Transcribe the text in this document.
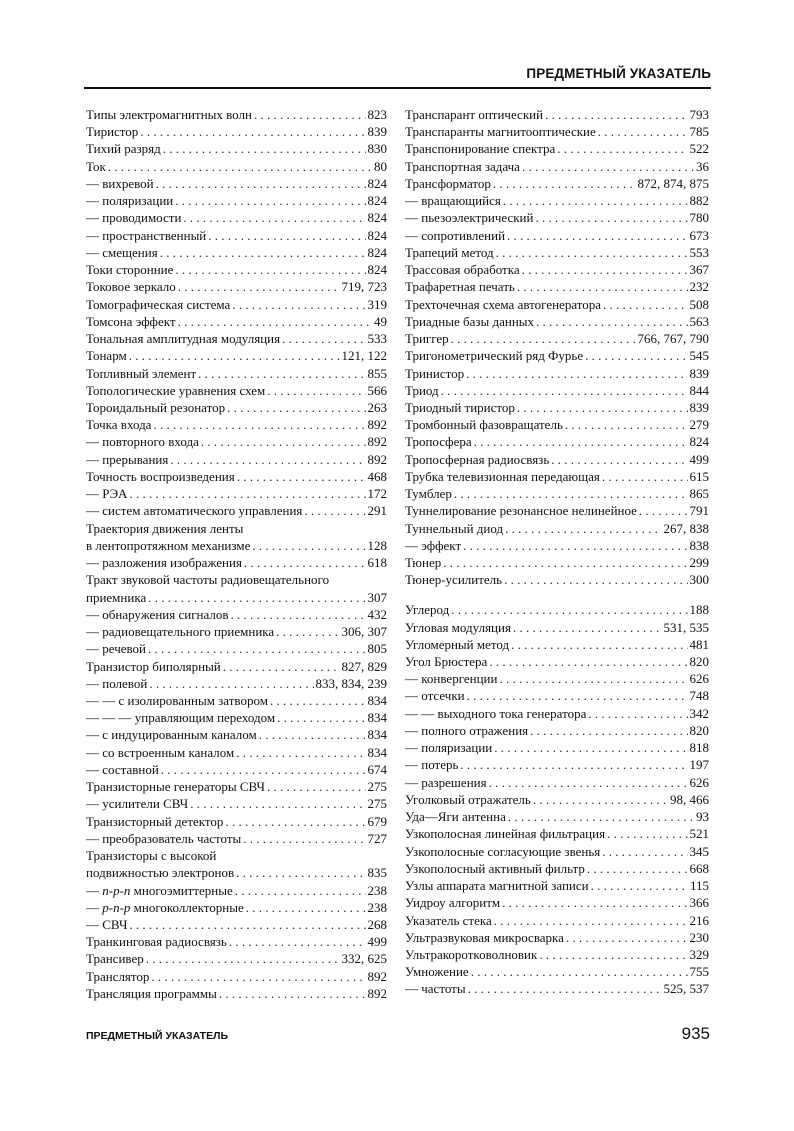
ПРЕДМЕТНЫЙ УКАЗАТЕЛЬ
Типы электромагнитных волн . . .	823
Тиристор . . .	839
Тихий разряд . . .	830
Ток . . .	80
— вихревой . . .	824
— поляризации . . .	824
— проводимости . . .	824
— пространственный . . .	824
— смещения . . .	824
Токи сторонние . . .	824
Токовое зеркало . . .	719, 723
Томографическая система . . .	319
Томсона эффект . . .	49
Тональная амплитудная модуляция . . .	533
Тонарм . . .	121, 122
Топливный элемент . . .	855
Топологические уравнения схем . . .	566
Тороидальный резонатор . . .	263
Точка входа . . .	892
— повторного входа . . .	892
— прерывания . . .	892
Точность воспроизведения . . .	468
— РЭА . . .	172
— систем автоматического управления . . .	291
Траектория движения ленты
в лентопротяжном механизме . . .	128
— разложения изображения . . .	618
Тракт звуковой частоты радиовещательного
приемника . . .	307
— обнаружения сигналов . . .	432
— радиовещательного приемника . . .	306, 307
— речевой . . .	805
Транзистор биполярный . . .	827, 829
— полевой . . .	833, 834, 239
— — с изолированным затвором . . .	834
— — — управляющим переходом . . .	834
— с индуцированным каналом . . .	834
— со встроенным каналом . . .	834
— составной . . .	674
Транзисторные генераторы СВЧ . . .	275
— усилители СВЧ . . .	275
Транзисторный детектор . . .	679
— преобразователь частоты . . .	727
Транзисторы с высокой
подвижностью электронов . . .	835
— n-p-n многоэмиттерные . . .	238
— p-n-p многоколлекторные . . .	238
— СВЧ . . .	268
Транкинговая радиосвязь . . .	499
Трансивер . . .	332, 625
Транслятор . . .	892
Трансляция программы . . .	892
Транспарант оптический . . .	793
Транспаранты магнитооптические . . .	785
Транспонирование спектра . . .	522
Транспортная задача . . .	36
Трансформатор . . .	872, 874, 875
— вращающийся . . .	882
— пьезоэлектрический . . .	780
— сопротивлений . . .	673
Трапеций метод . . .	553
Трассовая обработка . . .	367
Трафаретная печать . . .	232
Трехточечная схема автогенератора . . .	508
Триадные базы данных . . .	563
Триггер . . .	766, 767, 790
Тригонометрический ряд Фурье . . .	545
Тринистор . . .	839
Триод . . .	844
Триодный тиристор . . .	839
Тромбонный фазовращатель . . .	279
Тропосфера . . .	824
Тропосферная радиосвязь . . .	499
Трубка телевизионная передающая . . .	615
Тумблер . . .	865
Туннелирование резонансное нелинейное . . .	791
Туннельный диод . . .	267, 838
— эффект . . .	838
Тюнер . . .	299
Тюнер-усилитель . . .	300
Углерод . . .	188
Угловая модуляция . . .	531, 535
Угломерный метод . . .	481
Угол Брюстера . . .	820
— конвергенции . . .	626
— отсечки . . .	748
— — выходного тока генератора . . .	342
— полного отражения . . .	820
— поляризации . . .	818
— потерь . . .	197
— разрешения . . .	626
Уголковый отражатель . . .	98, 466
Уда—Яги антенна . . .	93
Узкополосная линейная фильтрация . . .	521
Узкополосные согласующие звенья . . .	345
Узкополосный активный фильтр . . .	668
Узлы аппарата магнитной записи . . .	115
Уидроу алгоритм . . .	366
Указатель стека . . .	216
Ультразвуковая микросварка . . .	230
Ультракоротковолновик . . .	329
Умножение . . .	755
— частоты . . .	525, 537
ПРЕДМЕТНЫЙ УКАЗАТЕЛЬ	935
